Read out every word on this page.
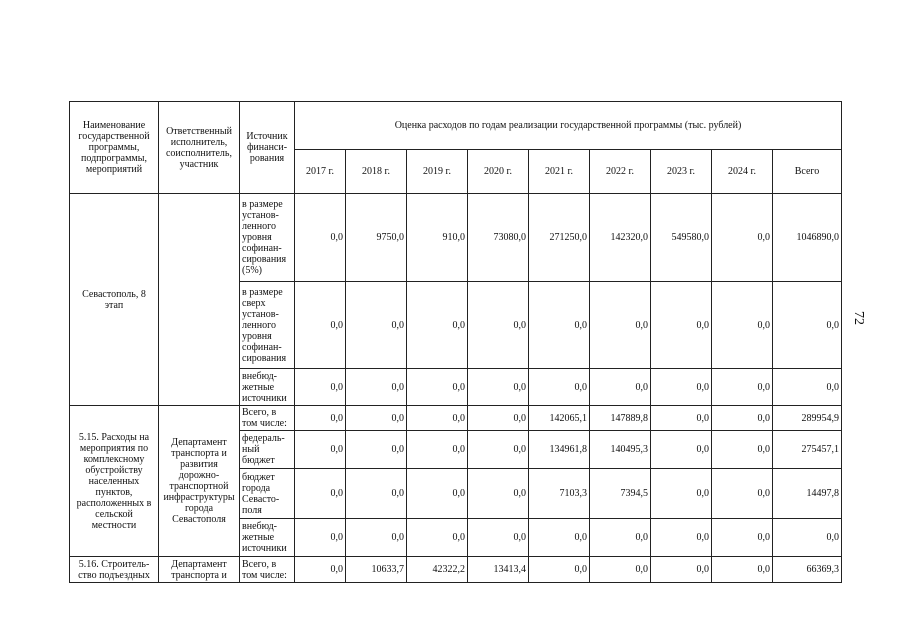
Наименование государственной программы, подпрограммы, мероприятий	Ответственный исполнитель, соисполнитель, участник	Источник финанси-рования	Оценка расходов по годам реализации государственной программы (тыс. рублей)								
			2017 г.	2018 г.	2019 г.	2020 г.	2021 г.	2022 г.	2023 г.	2024 г.	Всего
Севастополь, 8 этап		в размере установ-ленного уровня софинан-сирования (5%)	0,0	9750,0	910,0	73080,0	271250,0	142320,0	549580,0	0,0	1046890,0
		в размере сверх установ-ленного уровня софинан-сирования	0,0	0,0	0,0	0,0	0,0	0,0	0,0	0,0	0,0
		внебюд-жетные источники	0,0	0,0	0,0	0,0	0,0	0,0	0,0	0,0	0,0
5.15. Расходы на мероприятия по комплексному обустройству населенных пунктов, расположенных в сельской местности	Департамент транспорта и развития дорожно-транспортной инфраструктуры города Севастополя	Всего, в том числе:	0,0	0,0	0,0	0,0	142065,1	147889,8	0,0	0,0	289954,9
		федераль-ный бюджет	0,0	0,0	0,0	0,0	134961,8	140495,3	0,0	0,0	275457,1
		бюджет города Севасто-поля	0,0	0,0	0,0	0,0	7103,3	7394,5	0,0	0,0	14497,8
		внебюд-жетные источники	0,0	0,0	0,0	0,0	0,0	0,0	0,0	0,0	0,0
5.16. Строитель-ство подъездных	Департамент транспорта и	Всего, в том числе:	0,0	10633,7	42322,2	13413,4	0,0	0,0	0,0	0,0	66369,3
72
